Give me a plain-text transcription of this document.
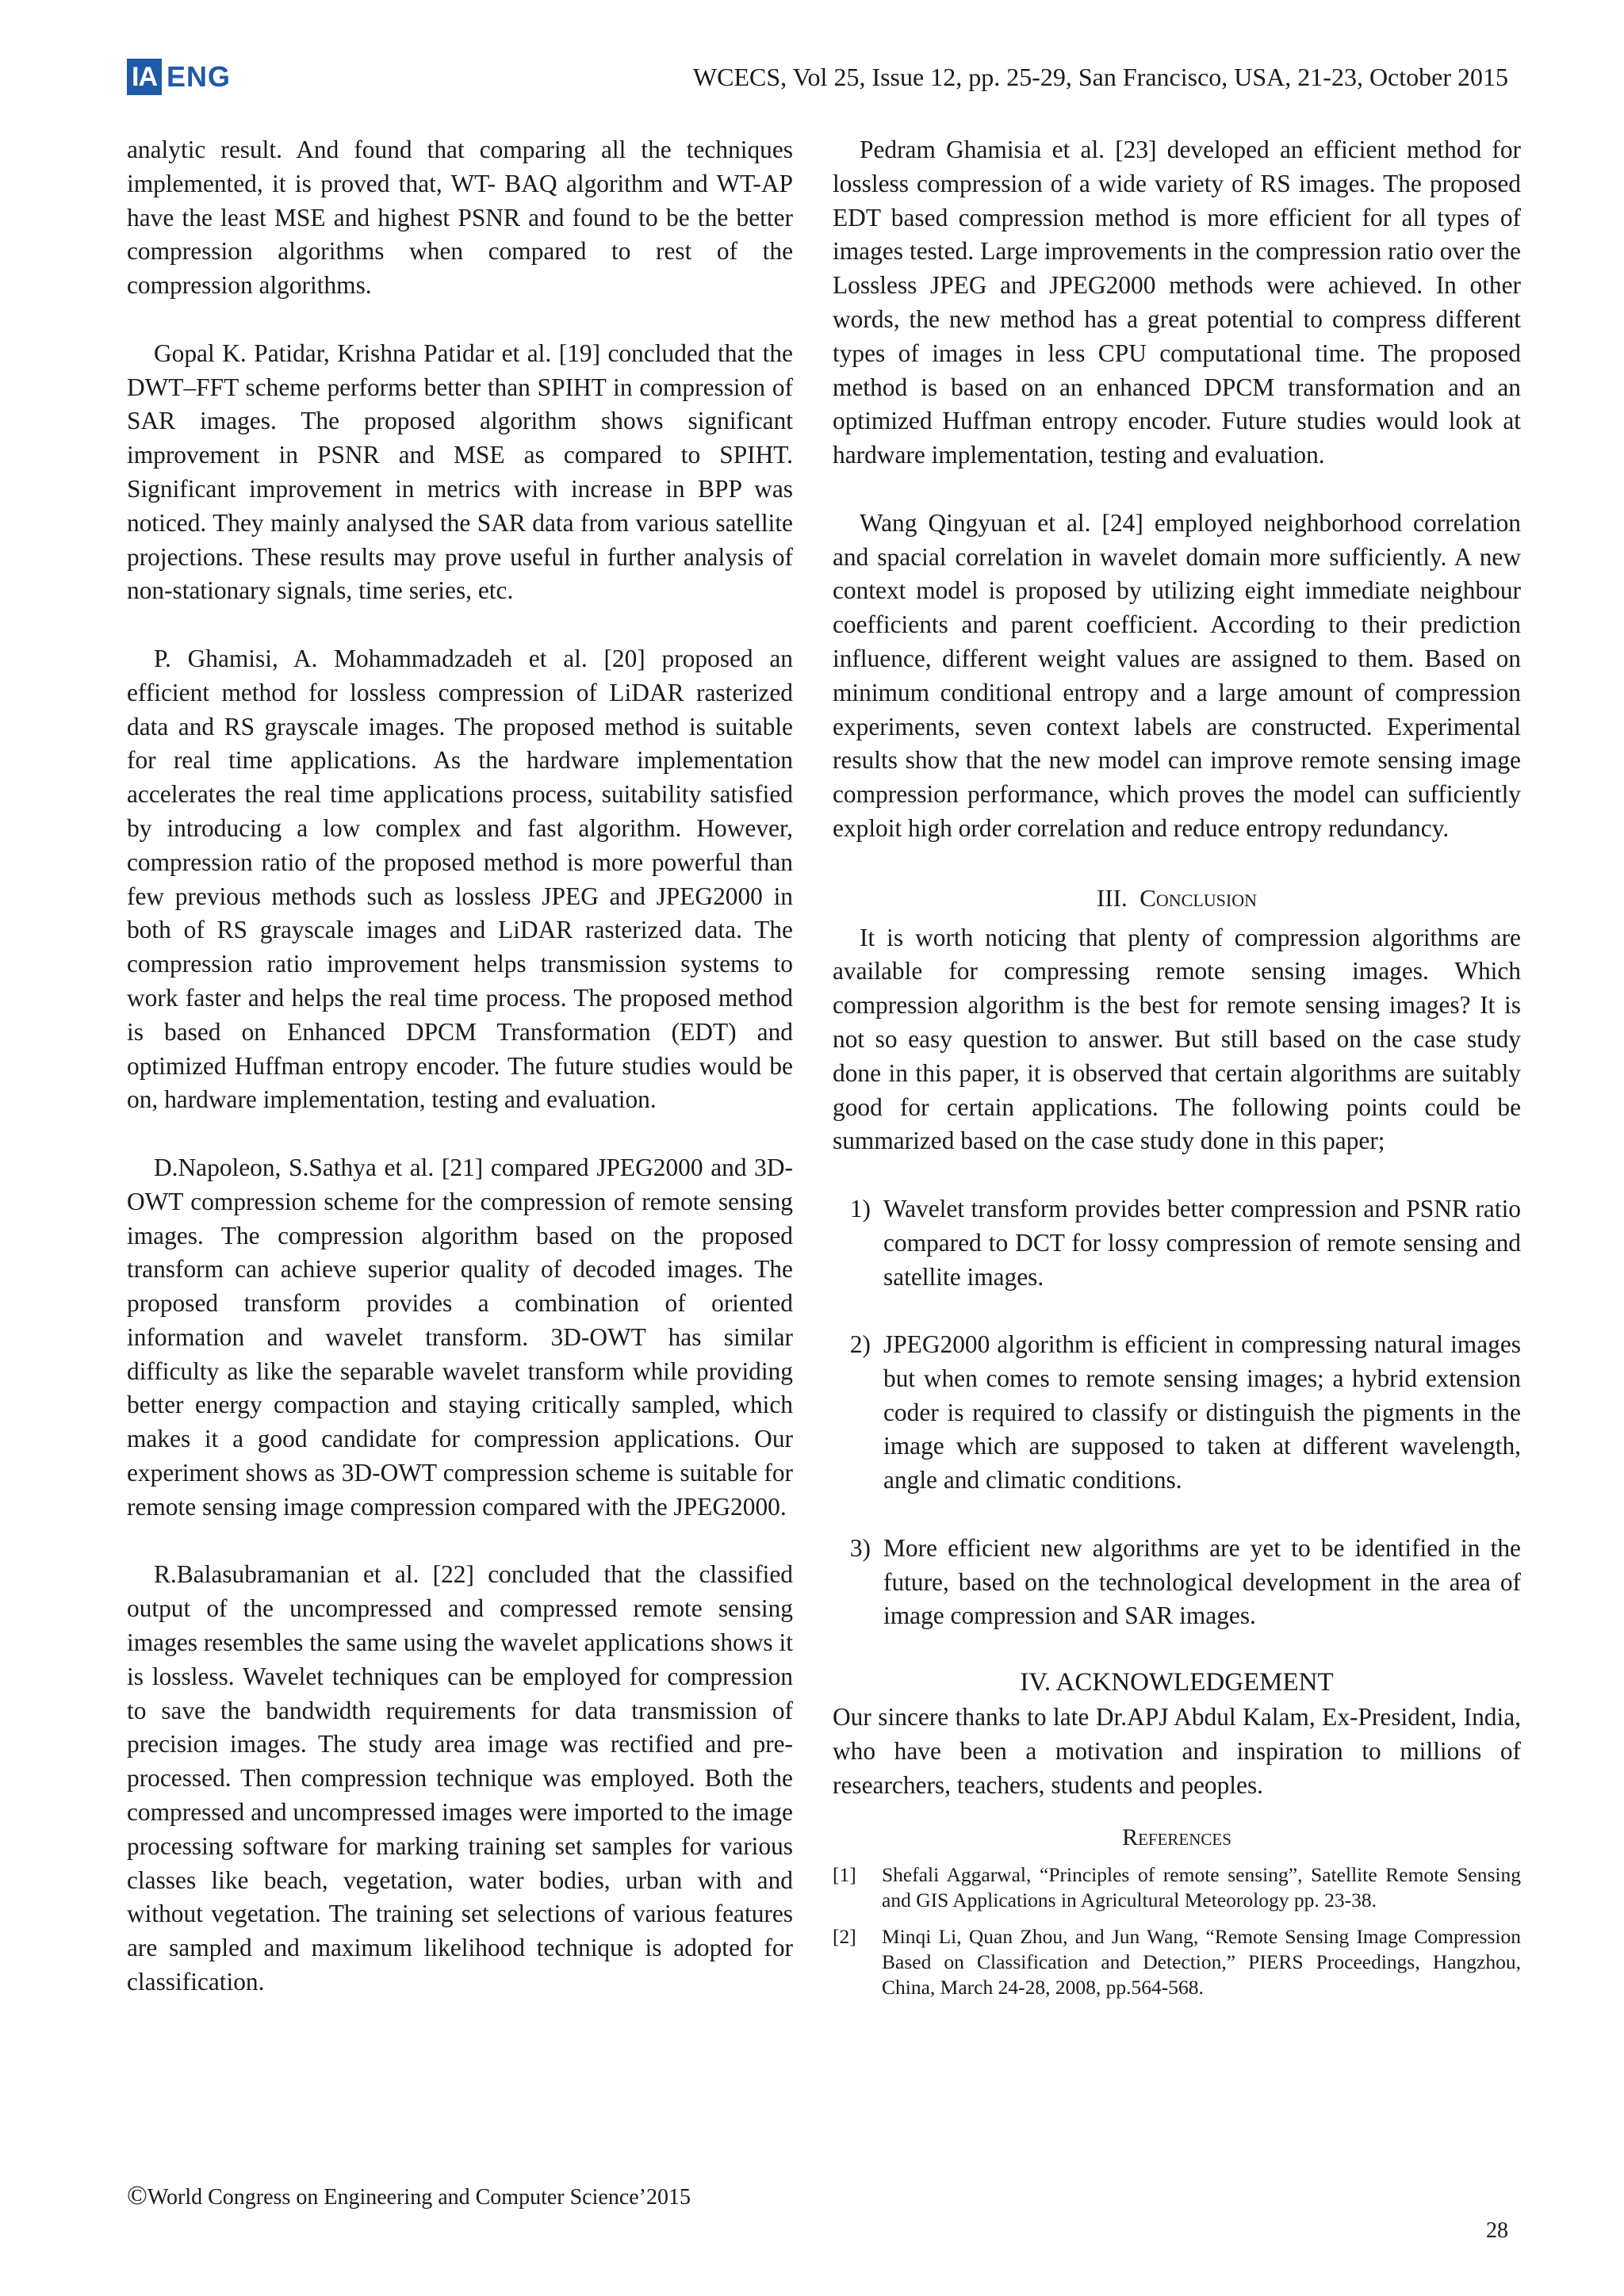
IA ENG	WCECS, Vol 25, Issue 12, pp. 25-29, San Francisco, USA, 21-23, October 2015

analytic result. And found that comparing all the techniques implemented, it is proved that, WT- BAQ algorithm and WT-AP have the least MSE and highest PSNR and found to be the better compression algorithms when compared to rest of the compression algorithms.

Gopal K. Patidar, Krishna Patidar et al. [19] concluded that the DWT–FFT scheme performs better than SPIHT in compression of SAR images. The proposed algorithm shows significant improvement in PSNR and MSE as compared to SPIHT. Significant improvement in metrics with increase in BPP was noticed. They mainly analysed the SAR data from various satellite projections. These results may prove useful in further analysis of non-stationary signals, time series, etc.

P. Ghamisi, A. Mohammadzadeh et al. [20] proposed an efficient method for lossless compression of LiDAR rasterized data and RS grayscale images. The proposed method is suitable for real time applications. As the hardware implementation accelerates the real time applications process, suitability satisfied by introducing a low complex and fast algorithm. However, compression ratio of the proposed method is more powerful than few previous methods such as lossless JPEG and JPEG2000 in both of RS grayscale images and LiDAR rasterized data. The compression ratio improvement helps transmission systems to work faster and helps the real time process. The proposed method is based on Enhanced DPCM Transformation (EDT) and optimized Huffman entropy encoder. The future studies would be on, hardware implementation, testing and evaluation.

D.Napoleon, S.Sathya et al. [21] compared JPEG2000 and 3D-OWT compression scheme for the compression of remote sensing images. The compression algorithm based on the proposed transform can achieve superior quality of decoded images. The proposed transform provides a combination of oriented information and wavelet transform. 3D-OWT has similar difficulty as like the separable wavelet transform while providing better energy compaction and staying critically sampled, which makes it a good candidate for compression applications. Our experiment shows as 3D-OWT compression scheme is suitable for remote sensing image compression compared with the JPEG2000.

R.Balasubramanian et al. [22] concluded that the classified output of the uncompressed and compressed remote sensing images resembles the same using the wavelet applications shows it is lossless. Wavelet techniques can be employed for compression to save the bandwidth requirements for data transmission of precision images. The study area image was rectified and pre-processed. Then compression technique was employed. Both the compressed and uncompressed images were imported to the image processing software for marking training set samples for various classes like beach, vegetation, water bodies, urban with and without vegetation. The training set selections of various features are sampled and maximum likelihood technique is adopted for classification.

Pedram Ghamisia et al. [23] developed an efficient method for lossless compression of a wide variety of RS images. The proposed EDT based compression method is more efficient for all types of images tested. Large improvements in the compression ratio over the Lossless JPEG and JPEG2000 methods were achieved. In other words, the new method has a great potential to compress different types of images in less CPU computational time. The proposed method is based on an enhanced DPCM transformation and an optimized Huffman entropy encoder. Future studies would look at hardware implementation, testing and evaluation.

Wang Qingyuan et al. [24] employed neighborhood correlation and spacial correlation in wavelet domain more sufficiently. A new context model is proposed by utilizing eight immediate neighbour coefficients and parent coefficient. According to their prediction influence, different weight values are assigned to them. Based on minimum conditional entropy and a large amount of compression experiments, seven context labels are constructed. Experimental results show that the new model can improve remote sensing image compression performance, which proves the model can sufficiently exploit high order correlation and reduce entropy redundancy.

III. Conclusion

It is worth noticing that plenty of compression algorithms are available for compressing remote sensing images. Which compression algorithm is the best for remote sensing images? It is not so easy question to answer. But still based on the case study done in this paper, it is observed that certain algorithms are suitably good for certain applications. The following points could be summarized based on the case study done in this paper;

1) Wavelet transform provides better compression and PSNR ratio compared to DCT for lossy compression of remote sensing and satellite images.
2) JPEG2000 algorithm is efficient in compressing natural images but when comes to remote sensing images; a hybrid extension coder is required to classify or distinguish the pigments in the image which are supposed to taken at different wavelength, angle and climatic conditions.
3) More efficient new algorithms are yet to be identified in the future, based on the technological development in the area of image compression and SAR images.
IV. ACKNOWLEDGEMENT

Our sincere thanks to late Dr.APJ Abdul Kalam, Ex-President, India, who have been a motivation and inspiration to millions of researchers, teachers, students and peoples.

References
[1]	Shefali Aggarwal, “Principles of remote sensing”, Satellite Remote Sensing and GIS Applications in Agricultural Meteorology pp. 23-38.
[2]	Minqi Li, Quan Zhou, and Jun Wang, “Remote Sensing Image Compression Based on Classification and Detection,” PIERS Proceedings, Hangzhou, China, March 24-28, 2008, pp.564-568.
©World Congress on Engineering and Computer Science’2015
28
